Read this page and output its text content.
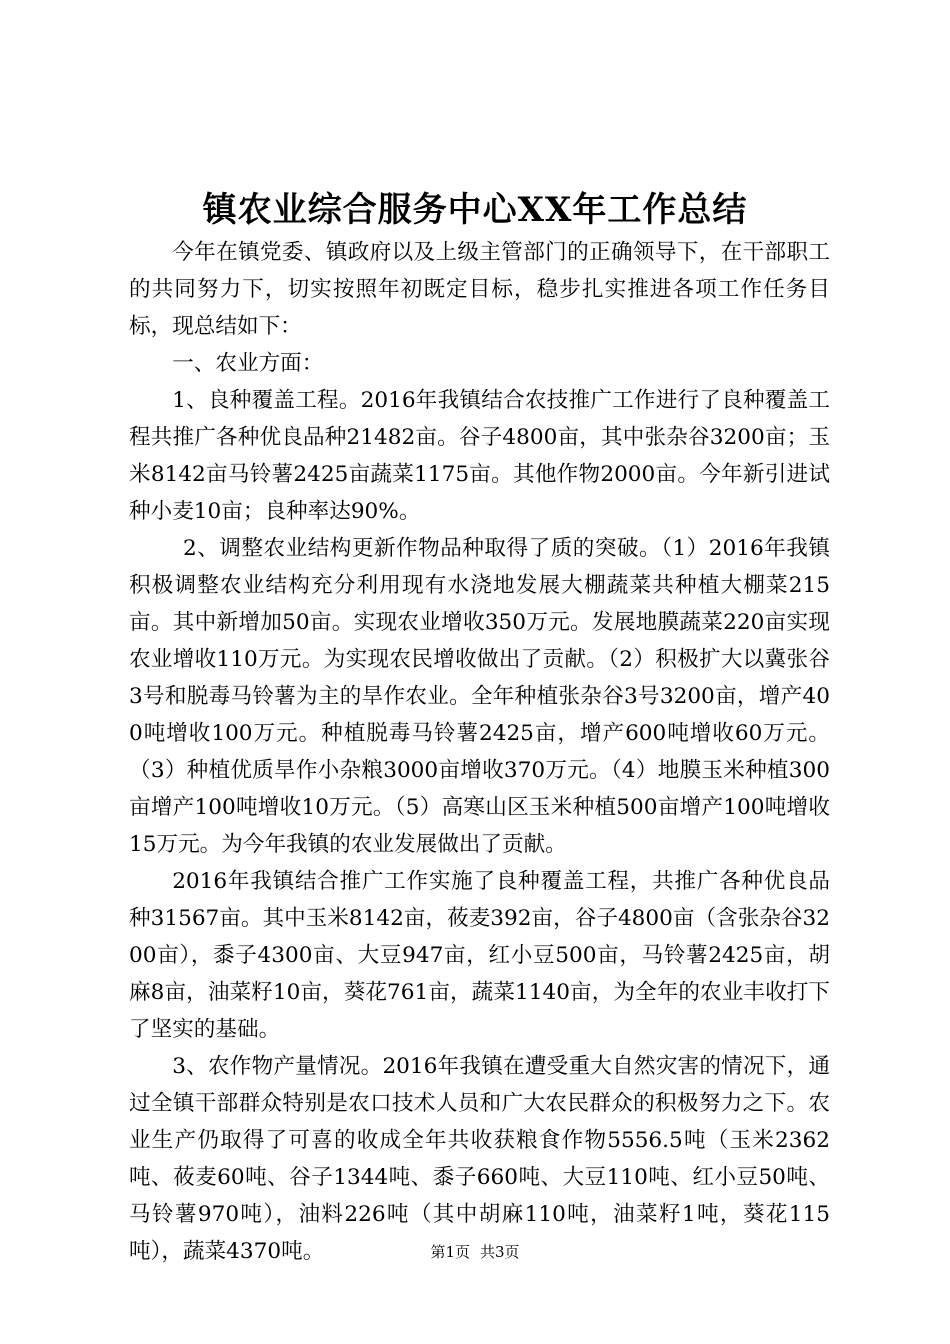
镇农业综合服务中心XX年工作总结

今年在镇党委、镇政府以及上级主管部门的正确领导下，在干部职工的共同努力下，切实按照年初既定目标，稳步扎实推进各项工作任务目标，现总结如下：

一、农业方面：

1、良种覆盖工程。2016年我镇结合农技推广工作进行了良种覆盖工程共推广各种优良品种21482亩。谷子4800亩，其中张杂谷3200亩；玉米8142亩马铃薯2425亩蔬菜1175亩。其他作物2000亩。今年新引进试种小麦10亩；良种率达90%。

2、调整农业结构更新作物品种取得了质的突破。（1）2016年我镇积极调整农业结构充分利用现有水浇地发展大棚蔬菜共种植大棚菜215亩。其中新增加50亩。实现农业增收350万元。发展地膜蔬菜220亩实现农业增收110万元。为实现农民增收做出了贡献。（2）积极扩大以冀张谷3号和脱毒马铃薯为主的旱作农业。全年种植张杂谷3号3200亩，增产400吨增收100万元。种植脱毒马铃薯2425亩，增产600吨增收60万元。（3）种植优质旱作小杂粮3000亩增收370万元。（4）地膜玉米种植300亩增产100吨增收10万元。（5）高寒山区玉米种植500亩增产100吨增收15万元。为今年我镇的农业发展做出了贡献。

2016年我镇结合推广工作实施了良种覆盖工程，共推广各种优良品种31567亩。其中玉米8142亩，莜麦392亩，谷子4800亩（含张杂谷3200亩），黍子4300亩、大豆947亩，红小豆500亩，马铃薯2425亩，胡麻8亩，油菜籽10亩，葵花761亩，蔬菜1140亩，为全年的农业丰收打下了坚实的基础。

3、农作物产量情况。2016年我镇在遭受重大自然灾害的情况下，通过全镇干部群众特别是农口技术人员和广大农民群众的积极努力之下。农业生产仍取得了可喜的收成全年共收获粮食作物5556.5吨（玉米2362吨、莜麦60吨、谷子1344吨、黍子660吨、大豆110吨、红小豆50吨、马铃薯970吨），油料226吨（其中胡麻110吨，油菜籽1吨，葵花115吨），蔬菜4370吨。	第1页 共3页
